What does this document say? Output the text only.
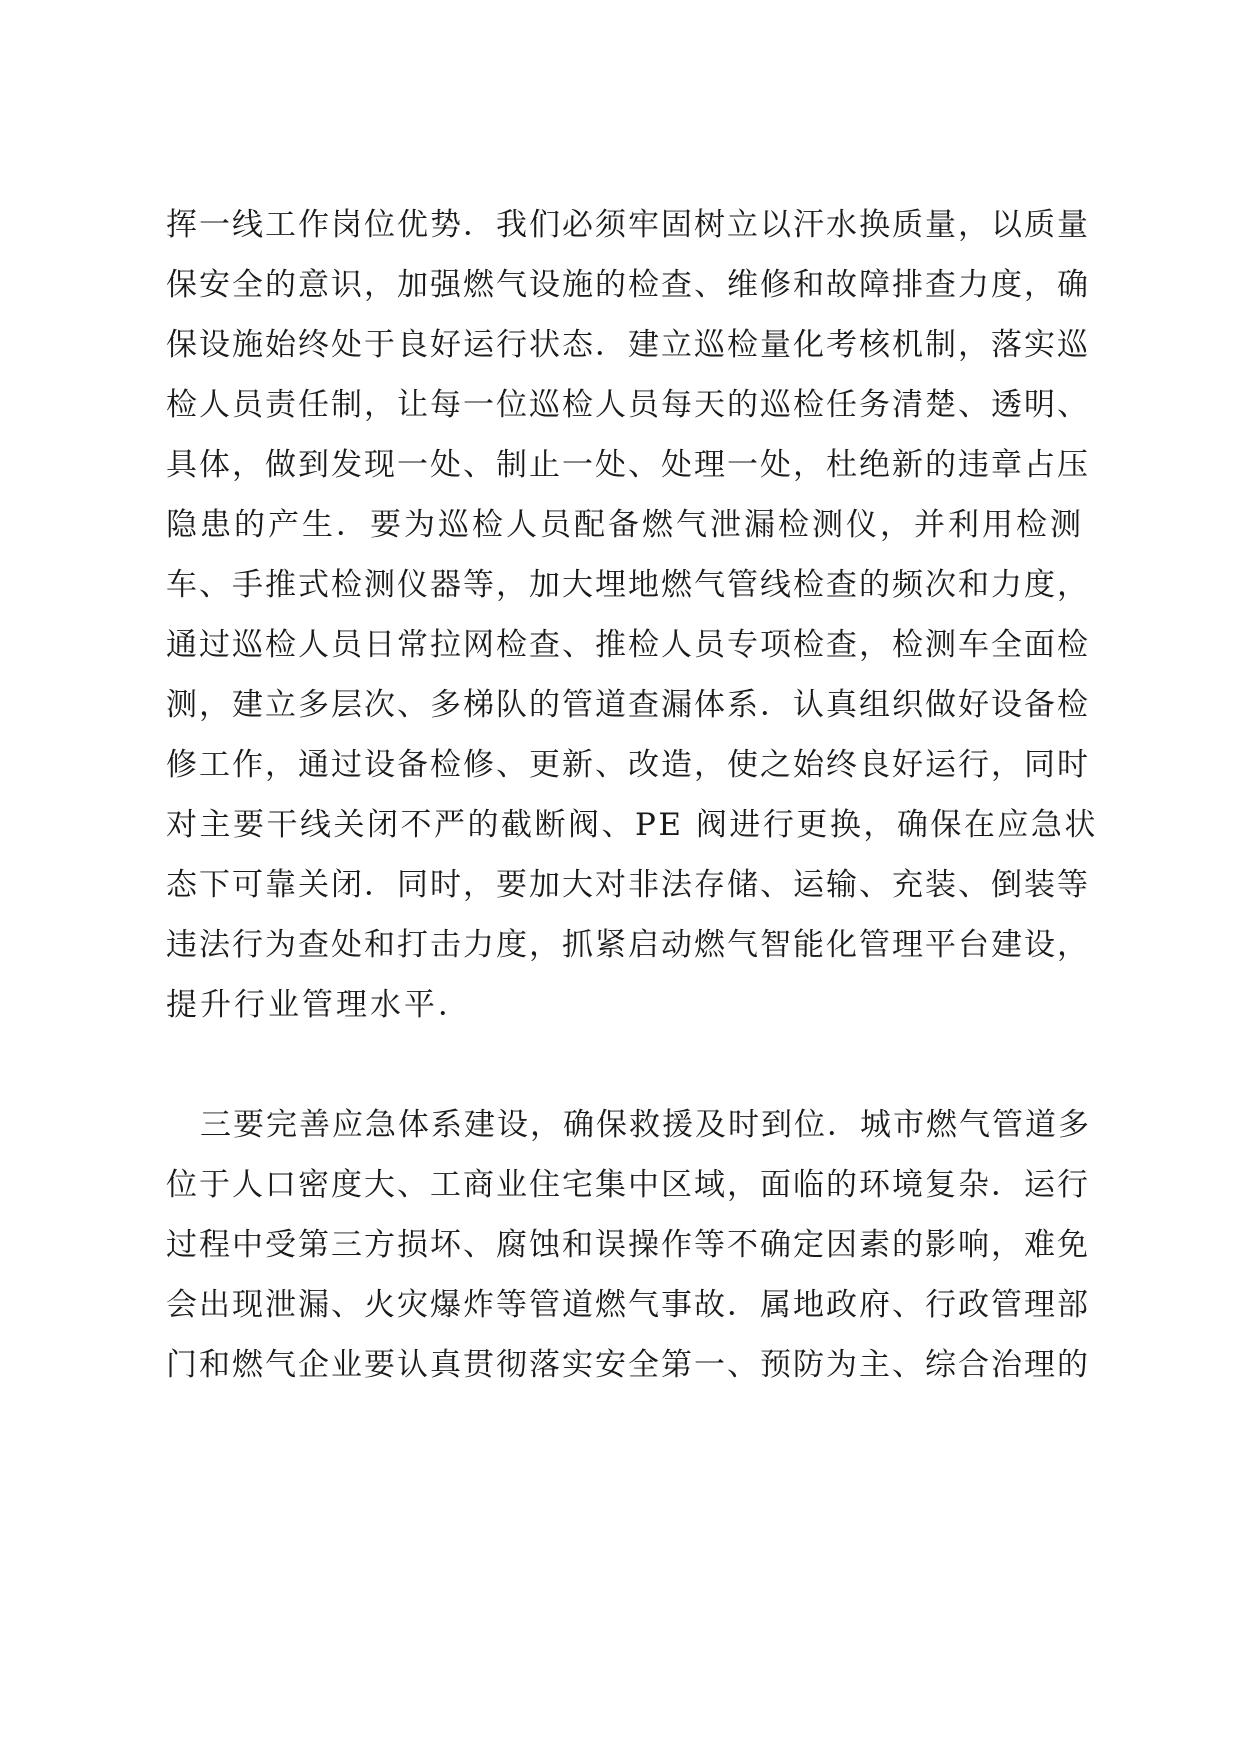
挥一线工作岗位优势．我们必须牢固树立以汗水换质量，以质量
保安全的意识，加强燃气设施的检查、维修和故障排查力度，确
保设施始终处于良好运行状态．建立巡检量化考核机制，落实巡
检人员责任制，让每一位巡检人员每天的巡检任务清楚、透明、
具体，做到发现一处、制止一处、处理一处，杜绝新的违章占压
隐患的产生．要为巡检人员配备燃气泄漏检测仪，并利用检测
车、手推式检测仪器等，加大埋地燃气管线检查的频次和力度，
通过巡检人员日常拉网检查、推检人员专项检查，检测车全面检
测，建立多层次、多梯队的管道查漏体系．认真组织做好设备检
修工作，通过设备检修、更新、改造，使之始终良好运行，同时
对主要干线关闭不严的截断阀、PE 阀进行更换，确保在应急状
态下可靠关闭．同时，要加大对非法存储、运输、充装、倒装等
违法行为查处和打击力度，抓紧启动燃气智能化管理平台建设，
提升行业管理水平．
三要完善应急体系建设，确保救援及时到位．城市燃气管道多
位于人口密度大、工商业住宅集中区域，面临的环境复杂．运行
过程中受第三方损坏、腐蚀和误操作等不确定因素的影响，难免
会出现泄漏、火灾爆炸等管道燃气事故．属地政府、行政管理部
门和燃气企业要认真贯彻落实安全第一、预防为主、综合治理的
